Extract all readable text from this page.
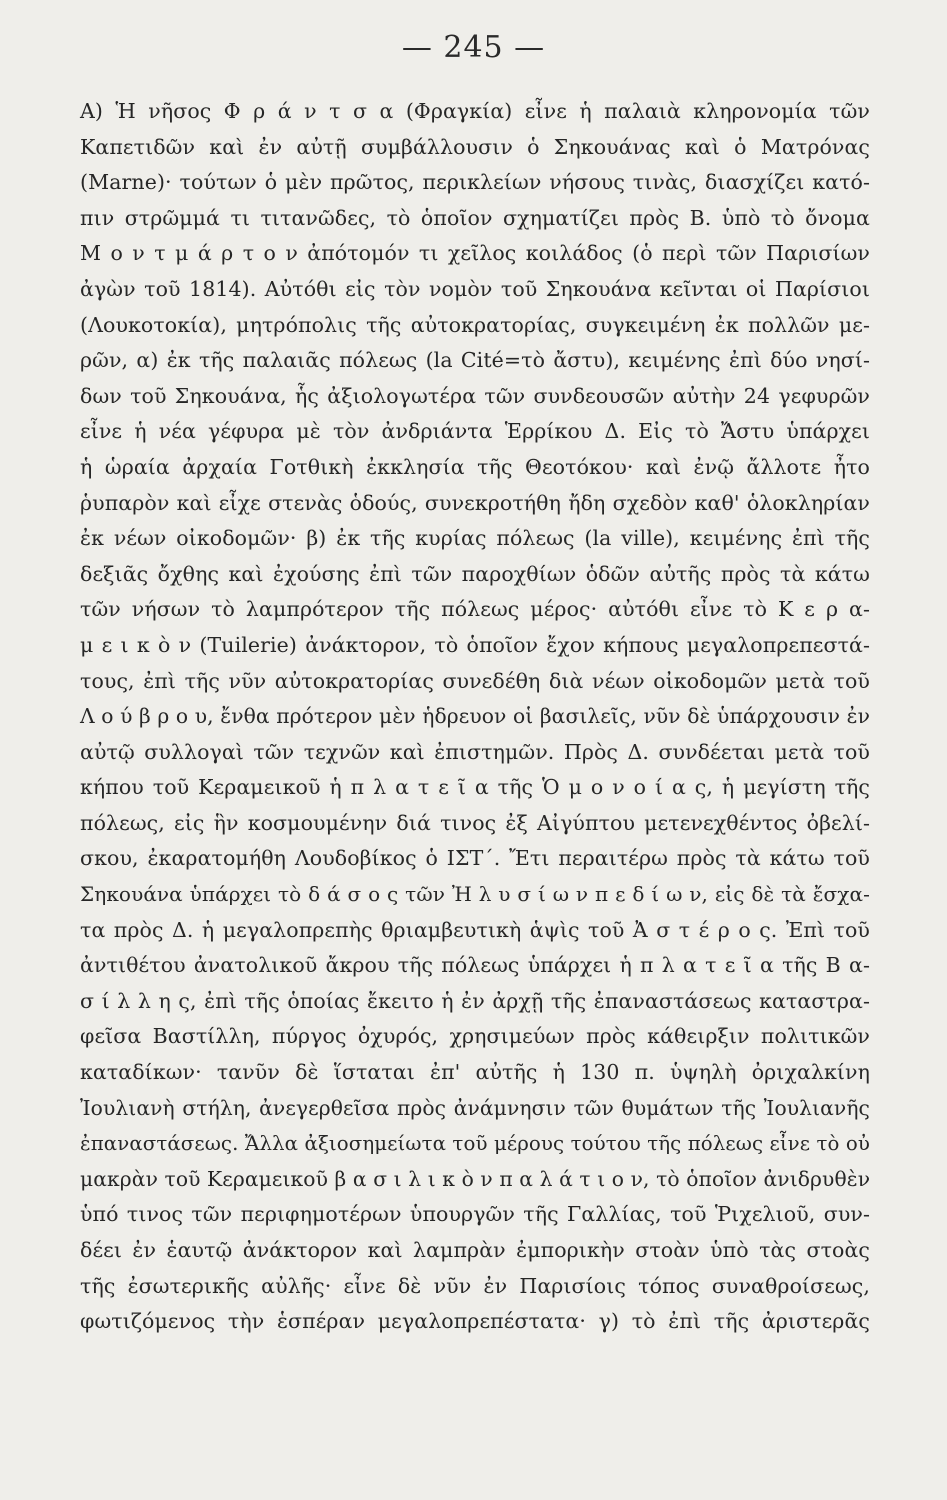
— 245 —
A) Ἡ νῆσος Φ ρ ά ν τ σ α (Φραγκία) εἶνε ἡ παλαιὰ κληρονομία τῶν
Καπετιδῶν καὶ ἐν αὐτῇ συμβάλλουσιν ὁ Σηκουάνας καὶ ὁ Ματρόνας
(Marne)· τούτων ὁ μὲν πρῶτος, περικλείων νήσους τινὰς, διασχίζει κατό-
πιν στρῶμμά τι τιτανῶδες, τὸ ὁποῖον σχηματίζει πρὸς Β. ὑπὸ τὸ ὄνομα
Μ ο ν τ μ ά ρ τ ο ν ἀπότομόν τι χεῖλος κοιλάδος (ὁ περὶ τῶν Παρισίων
ἀγὼν τοῦ 1814). Αὐτόθι εἰς τὸν νομὸν τοῦ Σηκουάνα κεῖνται οἱ Παρίσιοι
(Λουκοτοκία), μητρόπολις τῆς αὐτοκρατορίας, συγκειμένη ἐκ πολλῶν με-
ρῶν, α) ἐκ τῆς παλαιᾶς πόλεως (la Cité=τὸ ἄστυ), κειμένης ἐπὶ δύο νησί-
δων τοῦ Σηκουάνα, ἧς ἀξιολογωτέρα τῶν συνδεουσῶν αὐτὴν 24 γεφυρῶν
εἶνε ἡ νέα γέφυρα μὲ τὸν ἀνδριάντα Ἑρρίκου Δ. Εἰς τὸ Ἄστυ ὑπάρχει
ἡ ὡραία ἀρχαία Γοτθικὴ ἐκκλησία τῆς Θεοτόκου· καὶ ἐνῷ ἄλλοτε ἦτο
ῥυπαρὸν καὶ εἶχε στενὰς ὁδούς, συνεκροτήθη ἤδη σχεδὸν καθ' ὁλοκληρίαν
ἐκ νέων οἰκοδομῶν· β) ἐκ τῆς κυρίας πόλεως (la ville), κειμένης ἐπὶ τῆς
δεξιᾶς ὄχθης καὶ ἐχούσης ἐπὶ τῶν παροχθίων ὁδῶν αὐτῆς πρὸς τὰ κάτω
τῶν νήσων τὸ λαμπρότερον τῆς πόλεως μέρος· αὐτόθι εἶνε τὸ Κ ε ρ α-
μ ε ι κ ὸ ν (Tuilerie) ἀνάκτορον, τὸ ὁποῖον ἔχον κήπους μεγαλοπρεπεστά-
τους, ἐπὶ τῆς νῦν αὐτοκρατορίας συνεδέθη διὰ νέων οἰκοδομῶν μετὰ τοῦ
Λ ο ύ β ρ ο υ, ἔνθα πρότερον μὲν ἡδρευον οἱ βασιλεῖς, νῦν δὲ ὑπάρχουσιν ἐν
αὐτῷ συλλογαὶ τῶν τεχνῶν καὶ ἐπιστημῶν. Πρὸς Δ. συνδέεται μετὰ τοῦ
κήπου τοῦ Κεραμεικοῦ ἡ π λ α τ ε ῖ α τῆς Ὁ μ ο ν ο ί α ς, ἡ μεγίστη τῆς
πόλεως, εἰς ἣν κοσμουμένην διά τινος ἐξ Αἰγύπτου μετενεχθέντος ὀβελί-
σκου, ἐκαρατομήθη Λουδοβίκος ὁ ΙΣΤ΄. Ἔτι περαιτέρω πρὸς τὰ κάτω τοῦ
Σηκουάνα ὑπάρχει τὸ δ ά σ ο ς τῶν Ἠ λ υ σ ί ω ν π ε δ ί ω ν, εἰς δὲ τὰ ἔσχα-
τα πρὸς Δ. ἡ μεγαλοπρεπὴς θριαμβευτικὴ ἁψὶς τοῦ Ἀ σ τ έ ρ ο ς. Ἐπὶ τοῦ
ἀντιθέτου ἀνατολικοῦ ἄκρου τῆς πόλεως ὑπάρχει ἡ π λ α τ ε ῖ α τῆς Β α-
σ ί λ λ η ς, ἐπὶ τῆς ὁποίας ἔκειτο ἡ ἐν ἀρχῇ τῆς ἐπαναστάσεως καταστρα-
φεῖσα Βαστίλλη, πύργος ὀχυρός, χρησιμεύων πρὸς κάθειρξιν πολιτικῶν
καταδίκων· τανῦν δὲ ἵσταται ἐπ' αὐτῆς ἡ 130 π. ὑψηλὴ ὀριχαλκίνη
Ἰουλιανὴ στήλη, ἀνεγερθεῖσα πρὸς ἀνάμνησιν τῶν θυμάτων τῆς Ἰουλιανῆς
ἐπαναστάσεως. Ἄλλα ἀξιοσημείωτα τοῦ μέρους τούτου τῆς πόλεως εἶνε τὸ οὐ
μακρὰν τοῦ Κεραμεικοῦ β α σ ι λ ι κ ὸ ν π α λ ά τ ι ο ν, τὸ ὁποῖον ἀνιδρυθὲν
ὑπό τινος τῶν περιφημοτέρων ὑπουργῶν τῆς Γαλλίας, τοῦ Ῥιχελιοῦ, συν-
δέει ἐν ἑαυτῷ ἀνάκτορον καὶ λαμπρὰν ἐμπορικὴν στοὰν ὑπὸ τὰς στοὰς
τῆς ἐσωτερικῆς αὐλῆς· εἶνε δὲ νῦν ἐν Παρισίοις τόπος συναθροίσεως,
φωτιζόμενος τὴν ἑσπέραν μεγαλοπρεπέστατα· γ) τὸ ἐπὶ τῆς ἀριστερᾶς
